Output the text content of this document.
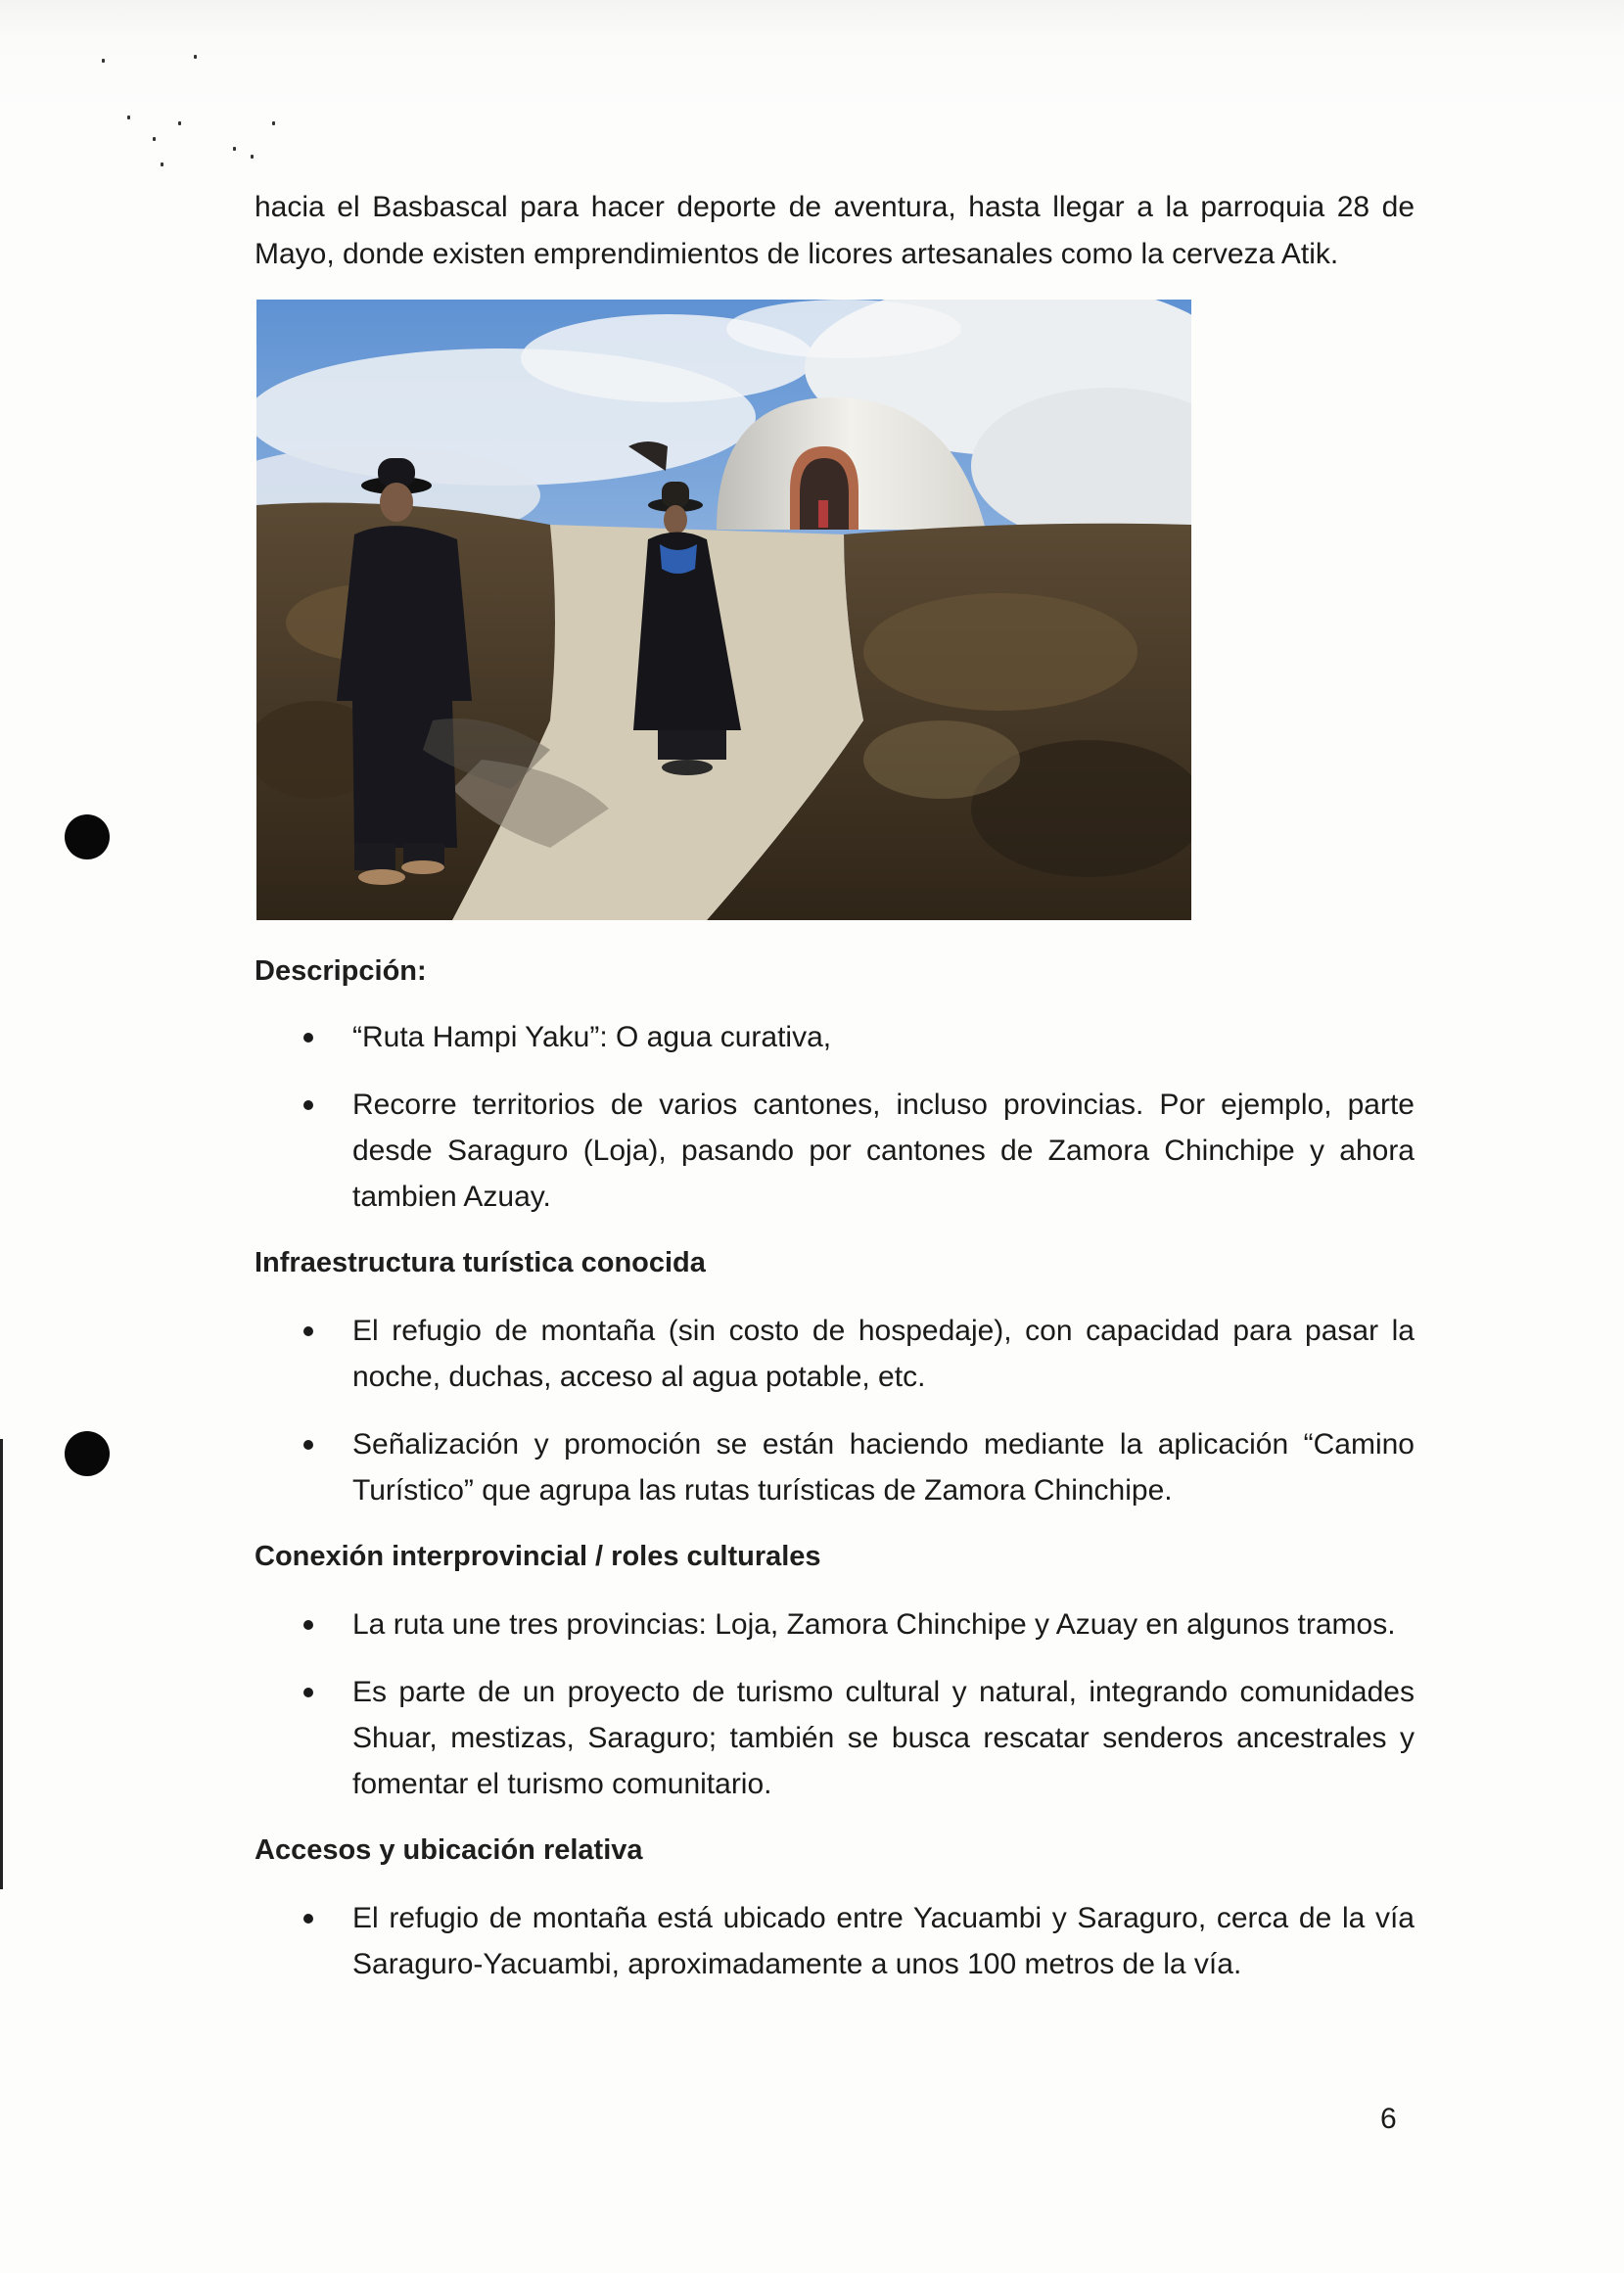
hacia el Basbascal para hacer deporte de aventura, hasta llegar a la parroquia 28 de Mayo, donde existen emprendimientos de licores artesanales como la cerveza Atik.

Descripción:
“Ruta Hampi Yaku”: O agua curativa,
Recorre territorios de varios cantones, incluso provincias. Por ejemplo, parte desde Saraguro (Loja), pasando por cantones de Zamora Chinchipe y ahora tambien Azuay.
Infraestructura turística conocida
El refugio de montaña (sin costo de hospedaje), con capacidad para pasar la noche, duchas, acceso al agua potable, etc.
Señalización y promoción se están haciendo mediante la aplicación “Camino Turístico” que agrupa las rutas turísticas de Zamora Chinchipe.
Conexión interprovincial / roles culturales
La ruta une tres provincias: Loja, Zamora Chinchipe y Azuay en algunos tramos.
Es parte de un proyecto de turismo cultural y natural, integrando comunidades Shuar, mestizas, Saraguro; también se busca rescatar senderos ancestrales y fomentar el turismo comunitario.
Accesos y ubicación relativa
El refugio de montaña está ubicado entre Yacuambi y Saraguro, cerca de la vía Saraguro-Yacuambi, aproximadamente a unos 100 metros de la vía.
6
